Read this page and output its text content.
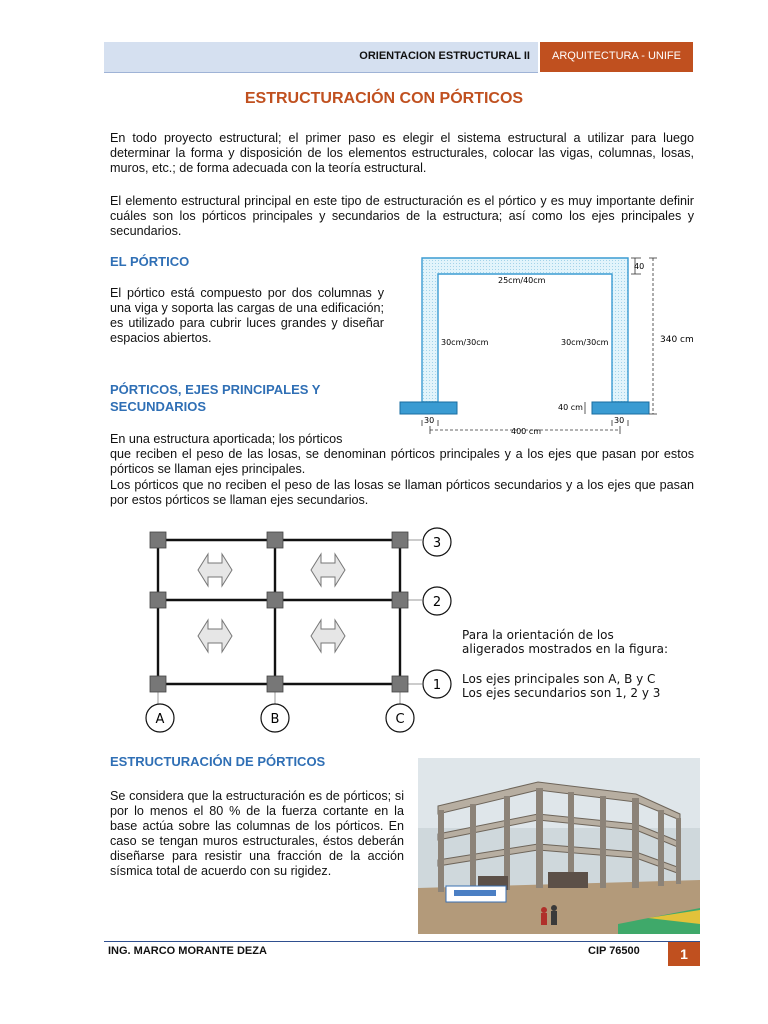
ORIENTACION ESTRUCTURAL II	ARQUITECTURA - UNIFE
ESTRUCTURACIÓN CON PÓRTICOS

En todo proyecto estructural; el primer paso es elegir el sistema estructural a utilizar para luego determinar la forma y disposición de los elementos estructurales, colocar las vigas, columnas, losas, muros, etc.; de forma adecuada con la teoría estructural.

El elemento estructural principal en este tipo de estructuración es el pórtico y es muy importante definir cuáles son los pórticos principales y secundarios de la estructura; así como los ejes principales y secundarios.

EL PÓRTICO

El pórtico está compuesto por dos columnas y una viga y soporta las cargas de una edificación; es utilizado para cubrir luces grandes y diseñar espacios abiertos.

40
25cm/40cm
30cm/30cm	30cm/30cm	340 cm
40 cm
30	30
400 cm
PÓRTICOS, EJES PRINCIPALES Y SECUNDARIOS

En una estructura aporticada; los pórticos

que reciben el peso de las losas, se denominan pórticos principales y a los ejes que pasan por estos pórticos se llaman ejes principales.

Los pórticos que no reciben el peso de las losas se llaman pórticos secundarios y a los ejes que pasan por estos pórticos se llaman ejes secundarios.

3
2
1
A	B	C
Para la orientación de los
aligerados mostrados en la figura:
Los ejes principales son A, B y C
Los ejes secundarios son 1, 2 y 3
ESTRUCTURACIÓN DE PÓRTICOS

Se considera que la estructuración es de pórticos; si por lo menos el 80 % de la fuerza cortante en la base actúa sobre las columnas de los pórticos. En caso se tengan muros estructurales, éstos deberán diseñarse para resistir una fracción de la acción sísmica total de acuerdo con su rigidez.

ING. MARCO MORANTE DEZA	CIP 76500	1
